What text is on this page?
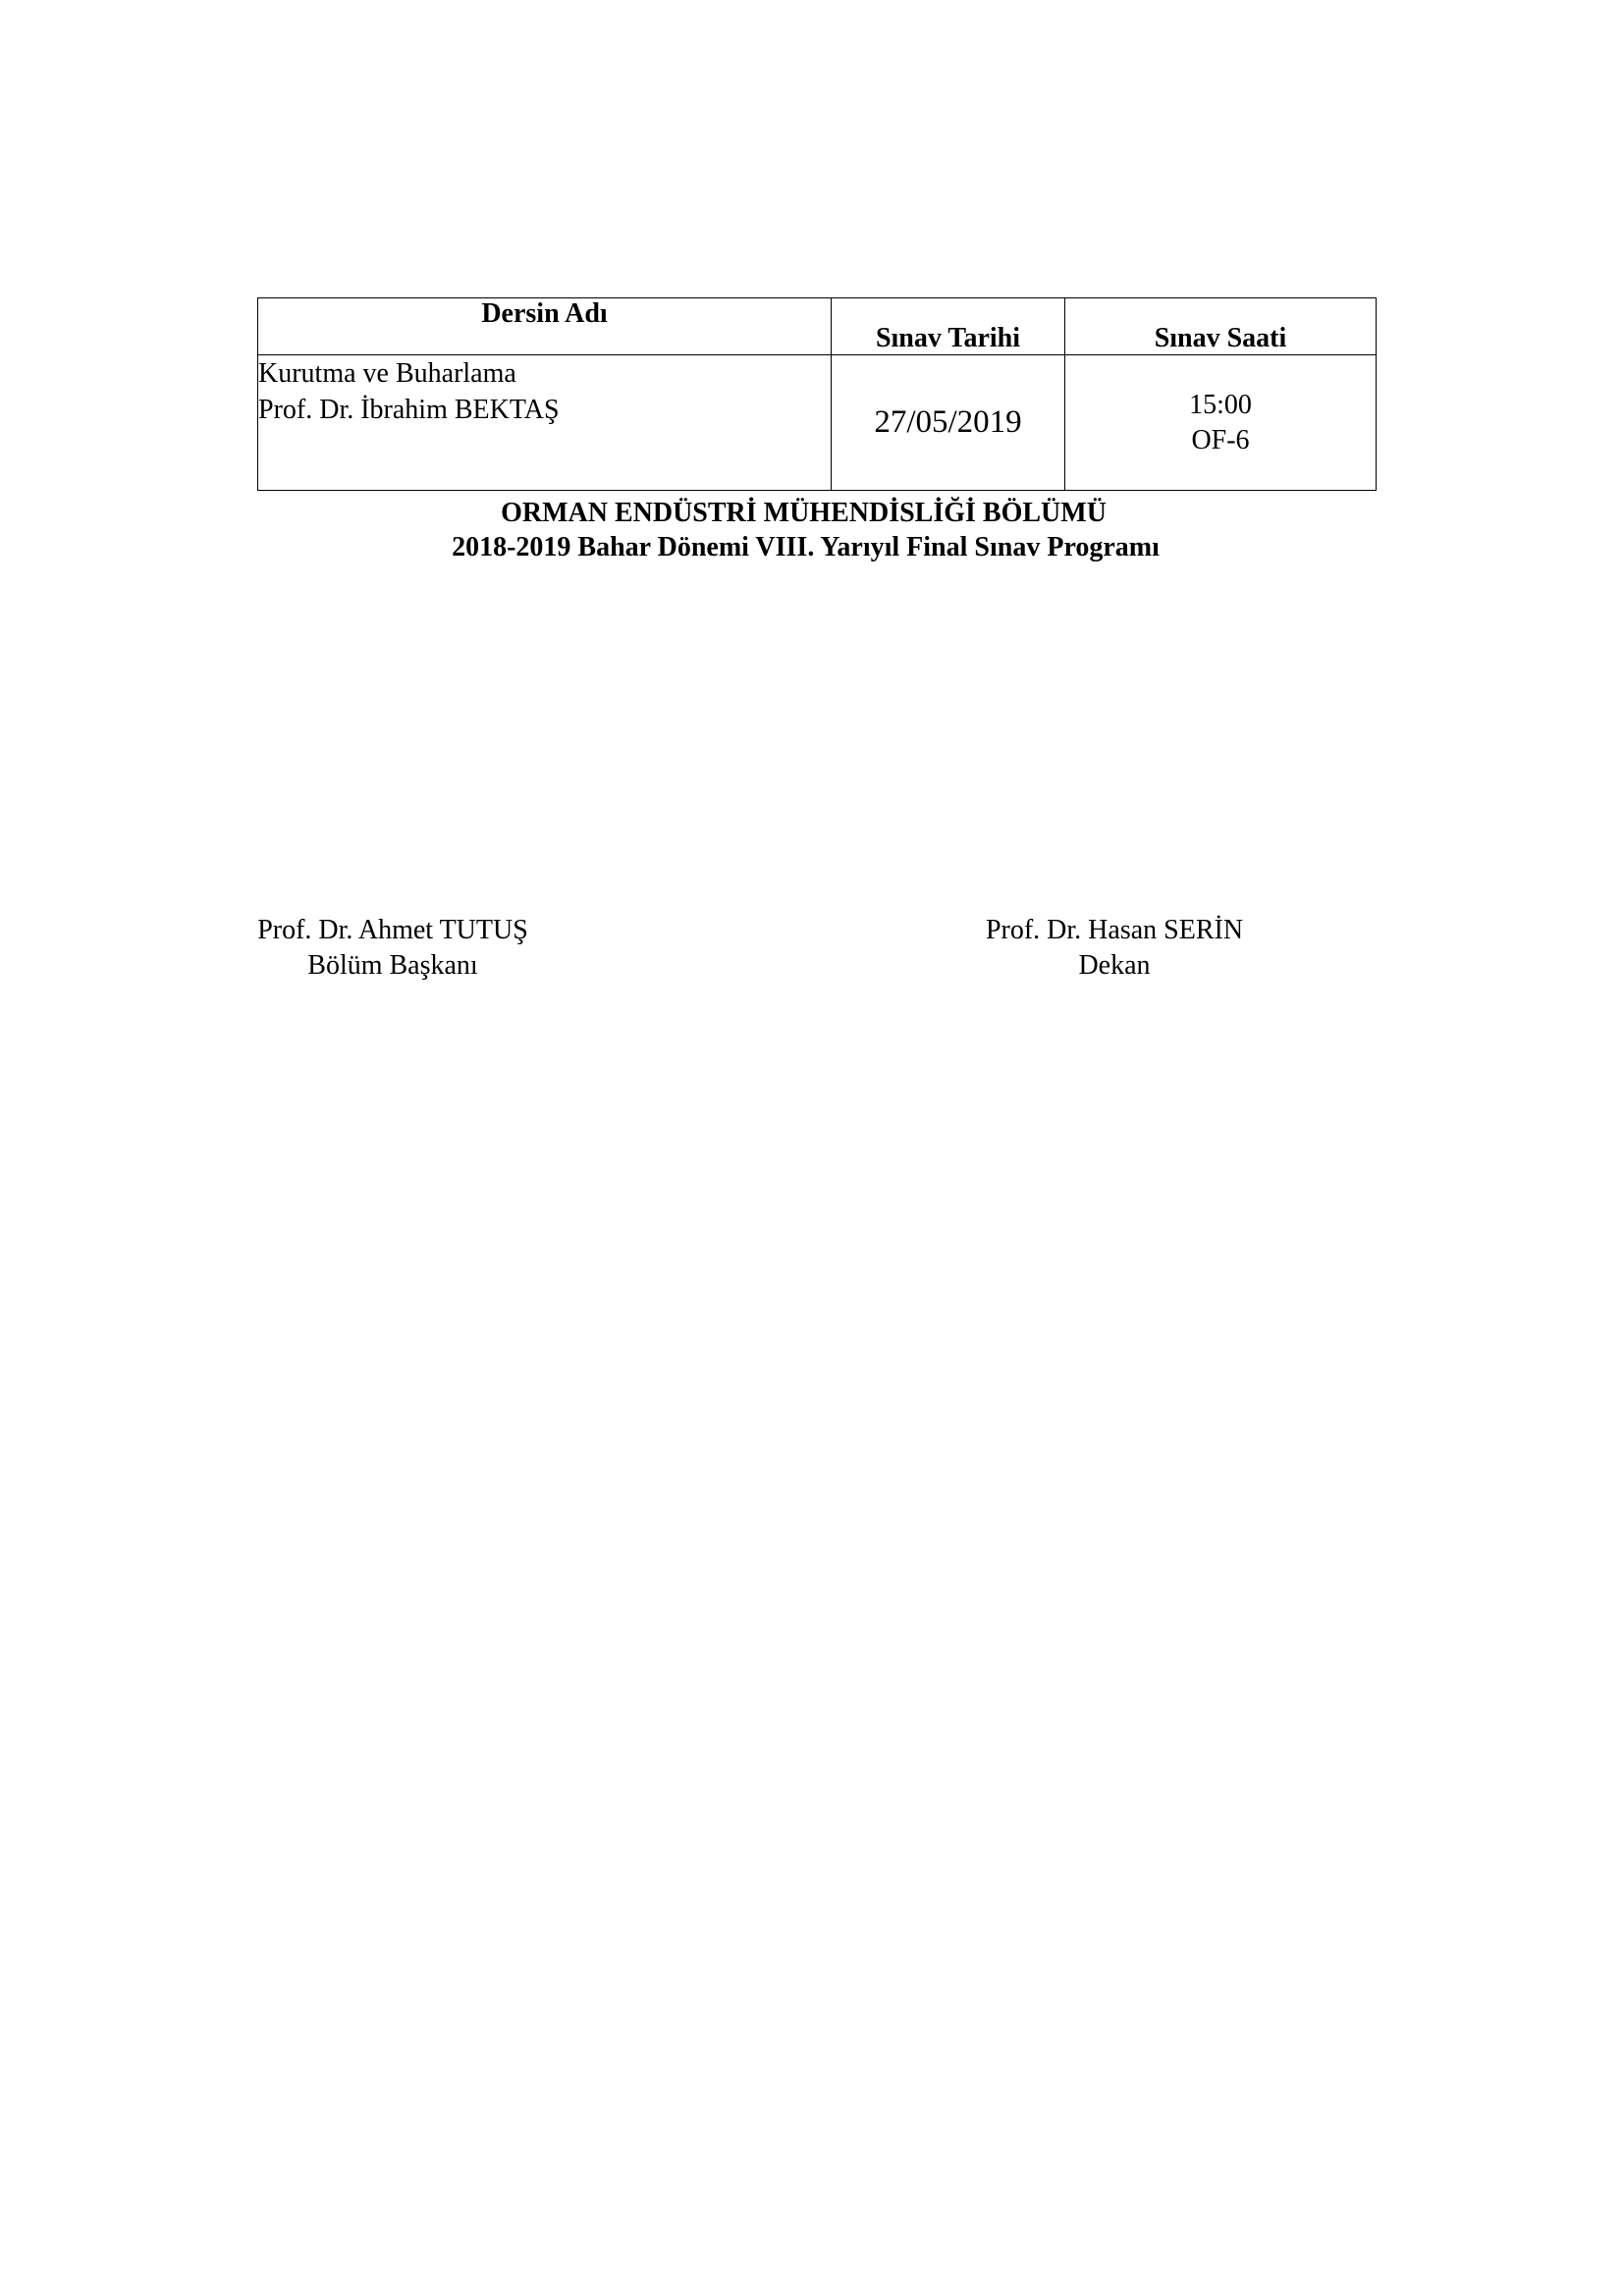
Dersin Adı	Sınav Tarihi	Sınav Saati

Kurutma ve Buharlama
Prof. Dr. İbrahim BEKTAŞ	27/05/2019	15:00
OF-6
ORMAN ENDÜSTRİ MÜHENDİSLİĞİ BÖLÜMÜ
2018-2019 Bahar Dönemi VIII. Yarıyıl Final Sınav Programı
Prof. Dr. Ahmet TUTUŞ
Bölüm Başkanı
Prof. Dr. Hasan SERİN
Dekan
